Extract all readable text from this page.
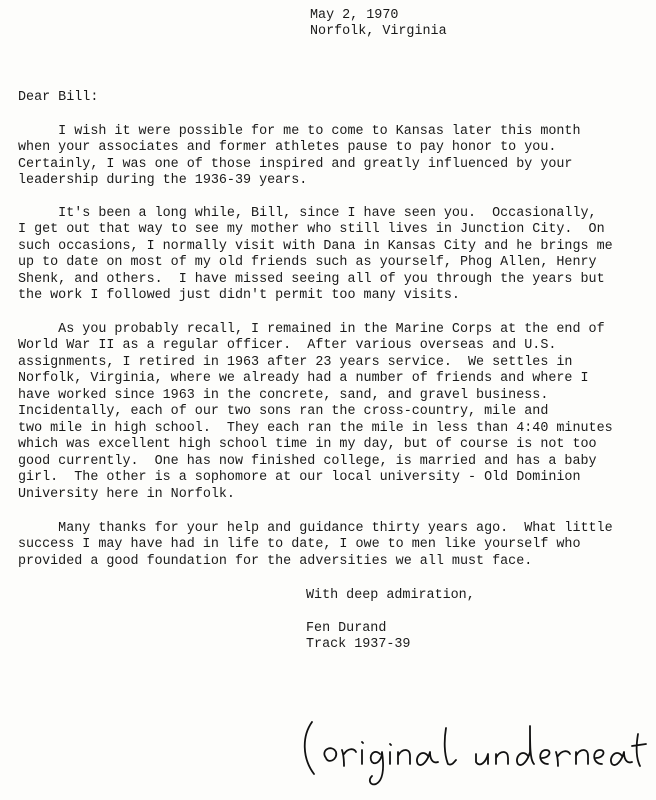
May 2, 1970
Norfolk, Virginia
Dear Bill:
I wish it were possible for me to come to Kansas later this month
when your associates and former athletes pause to pay honor to you.
Certainly, I was one of those inspired and greatly influenced by your
leadership during the 1936-39 years.
It's been a long while, Bill, since I have seen you.  Occasionally,
I get out that way to see my mother who still lives in Junction City.  On
such occasions, I normally visit with Dana in Kansas City and he brings me
up to date on most of my old friends such as yourself, Phog Allen, Henry
Shenk, and others.  I have missed seeing all of you through the years but
the work I followed just didn't permit too many visits.
As you probably recall, I remained in the Marine Corps at the end of
World War II as a regular officer.  After various overseas and U.S.
assignments, I retired in 1963 after 23 years service.  We settles in
Norfolk, Virginia, where we already had a number of friends and where I
have worked since 1963 in the concrete, sand, and gravel business.
Incidentally, each of our two sons ran the cross-country, mile and
two mile in high school.  They each ran the mile in less than 4:40 minutes
which was excellent high school time in my day, but of course is not too
good currently.  One has now finished college, is married and has a baby
girl.  The other is a sophomore at our local university - Old Dominion
University here in Norfolk.
Many thanks for your help and guidance thirty years ago.  What little
success I may have had in life to date, I owe to men like yourself who
provided a good foundation for the adversities we all must face.
With deep admiration,
Fen Durand
Track 1937-39
